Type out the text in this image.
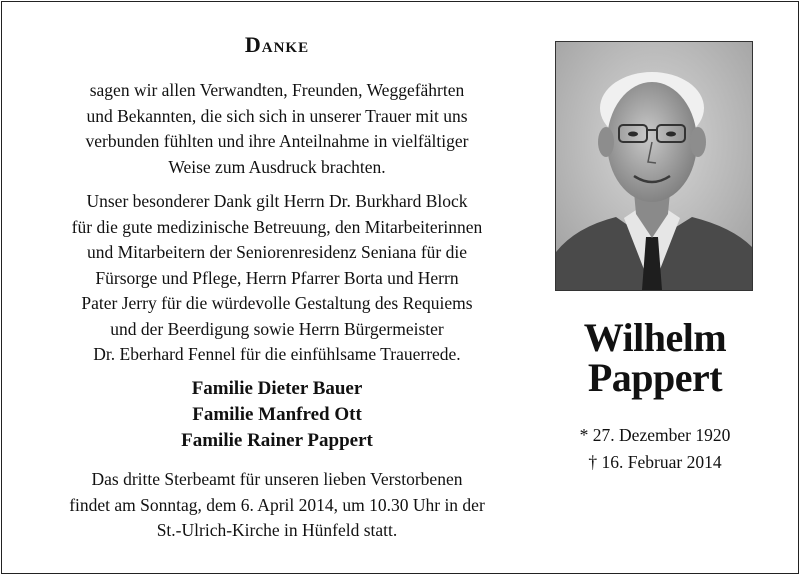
Danke
sagen wir allen Verwandten, Freunden, Weggefährten
und Bekannten, die sich sich in unserer Trauer mit uns
verbunden fühlten und ihre Anteilnahme in vielfältiger
Weise zum Ausdruck brachten.
Unser besonderer Dank gilt Herrn Dr. Burkhard Block
für die gute medizinische Betreuung, den Mitarbeiterinnen
und Mitarbeitern der Seniorenresidenz Seniana für die
Fürsorge und Pflege, Herrn Pfarrer Borta und Herrn
Pater Jerry für die würdevolle Gestaltung des Requiems
und der Beerdigung sowie Herrn Bürgermeister
Dr. Eberhard Fennel für die einfühlsame Trauerrede.
Familie Dieter Bauer
Familie Manfred Ott
Familie Rainer Pappert
Das dritte Sterbeamt für unseren lieben Verstorbenen
findet am Sonntag, dem 6. April 2014, um 10.30 Uhr in der
St.-Ulrich-Kirche in Hünfeld statt.
Wilhelm
Pappert
* 27. Dezember 1920
† 16. Februar 2014
